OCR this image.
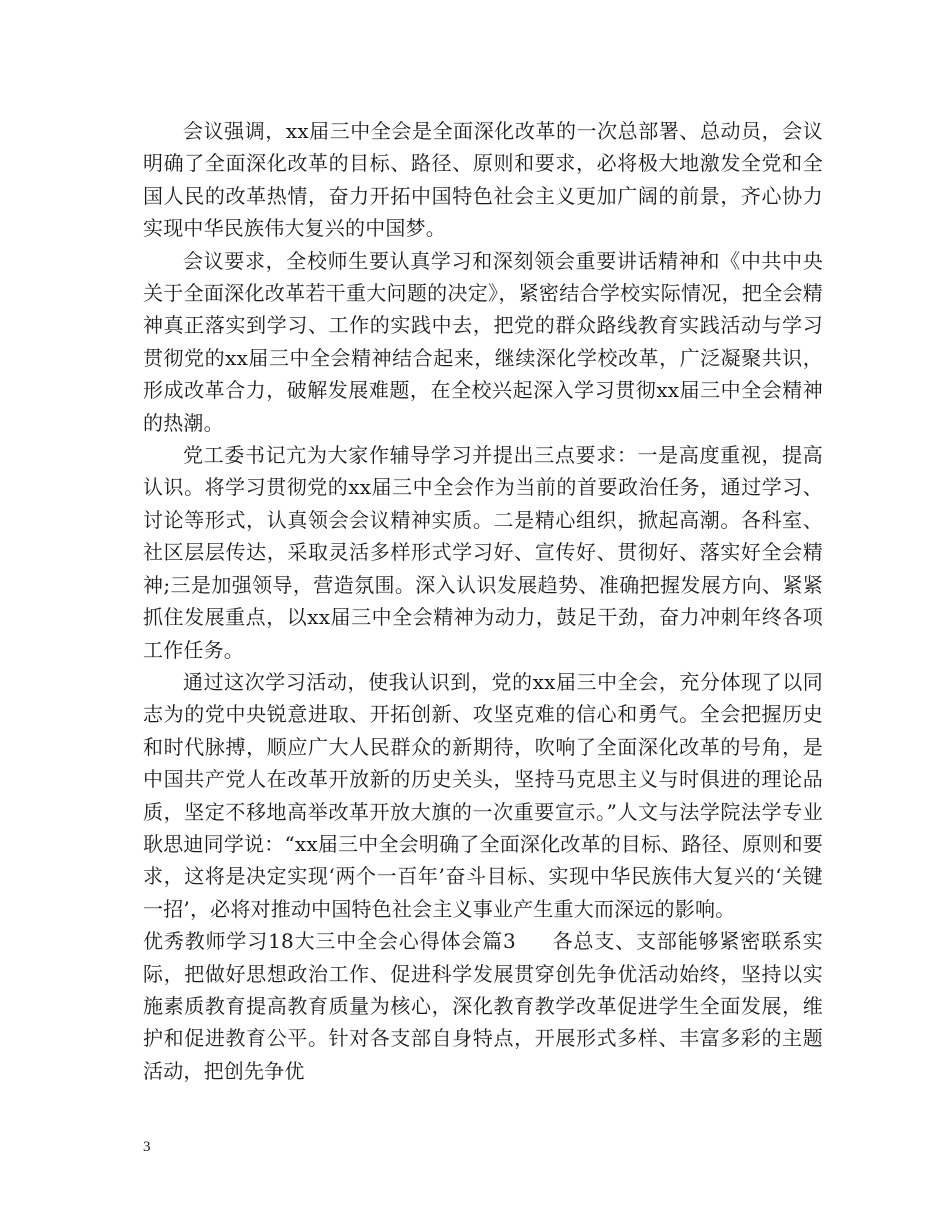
会议强调，xx届三中全会是全面深化改革的一次总部署、总动员，会议明确了全面深化改革的目标、路径、原则和要求，必将极大地激发全党和全国人民的改革热情，奋力开拓中国特色社会主义更加广阔的前景，齐心协力实现中华民族伟大复兴的中国梦。

会议要求，全校师生要认真学习和深刻领会重要讲话精神和《中共中央关于全面深化改革若干重大问题的决定》，紧密结合学校实际情况，把全会精神真正落实到学习、工作的实践中去，把党的群众路线教育实践活动与学习贯彻党的xx届三中全会精神结合起来，继续深化学校改革，广泛凝聚共识，形成改革合力，破解发展难题，在全校兴起深入学习贯彻xx届三中全会精神的热潮。

党工委书记亢为大家作辅导学习并提出三点要求：一是高度重视，提高认识。将学习贯彻党的xx届三中全会作为当前的首要政治任务，通过学习、讨论等形式，认真领会会议精神实质。二是精心组织，掀起高潮。各科室、社区层层传达，采取灵活多样形式学习好、宣传好、贯彻好、落实好全会精神;三是加强领导，营造氛围。深入认识发展趋势、准确把握发展方向、紧紧抓住发展重点，以xx届三中全会精神为动力，鼓足干劲，奋力冲刺年终各项工作任务。

通过这次学习活动，使我认识到，党的xx届三中全会，充分体现了以同志为的党中央锐意进取、开拓创新、攻坚克难的信心和勇气。全会把握历史和时代脉搏，顺应广大人民群众的新期待，吹响了全面深化改革的号角，是中国共产党人在改革开放新的历史关头，坚持马克思主义与时俱进的理论品质，坚定不移地高举改革开放大旗的一次重要宣示。”人文与法学院法学专业耿思迪同学说：“xx届三中全会明确了全面深化改革的目标、路径、原则和要求，这将是决定实现‘两个一百年’奋斗目标、实现中华民族伟大复兴的‘关键一招’，必将对推动中国特色社会主义事业产生重大而深远的影响。

优秀教师学习18大三中全会心得体会篇3 各总支、支部能够紧密联系实际，把做好思想政治工作、促进科学发展贯穿创先争优活动始终，坚持以实施素质教育提高教育质量为核心，深化教育教学改革促进学生全面发展，维护和促进教育公平。针对各支部自身特点，开展形式多样、丰富多彩的主题活动，把创先争优

3
